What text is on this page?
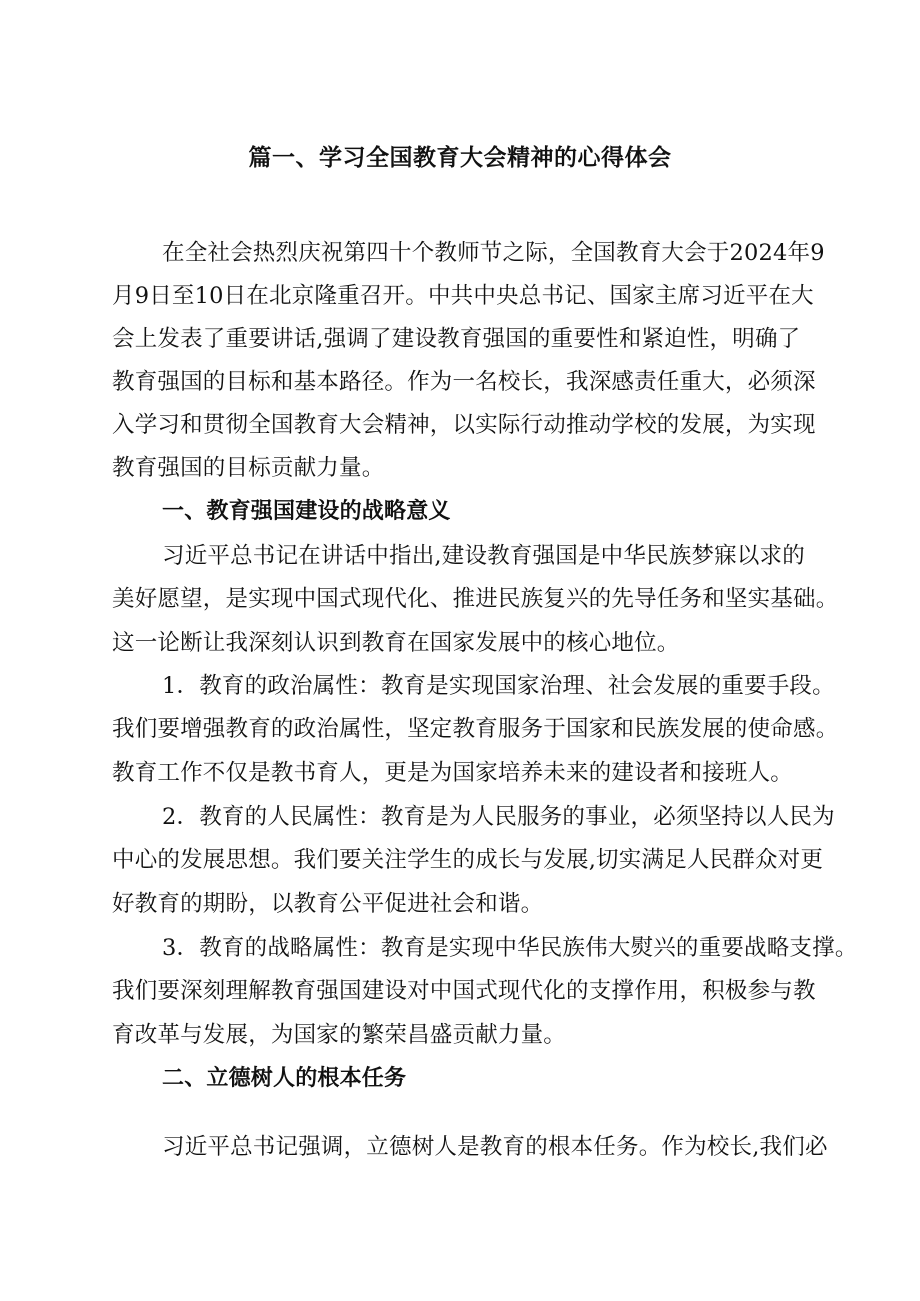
篇一、学习全国教育大会精神的心得体会
在全社会热烈庆祝第四十个教师节之际，全国教育大会于2024年9
月9日至10日在北京隆重召开。中共中央总书记、国家主席习近平在大
会上发表了重要讲话,强调了建设教育强国的重要性和紧迫性，明确了
教育强国的目标和基本路径。作为一名校长，我深感责任重大，必须深
入学习和贯彻全国教育大会精神，以实际行动推动学校的发展，为实现
教育强国的目标贡献力量。
一、教育强国建设的战略意义
习近平总书记在讲话中指出,建设教育强国是中华民族梦寐以求的
美好愿望，是实现中国式现代化、推进民族复兴的先导任务和坚实基础。
这一论断让我深刻认识到教育在国家发展中的核心地位。
1．教育的政治属性：教育是实现国家治理、社会发展的重要手段。
我们要增强教育的政治属性，坚定教育服务于国家和民族发展的使命感。
教育工作不仅是教书育人，更是为国家培养未来的建设者和接班人。
2．教育的人民属性：教育是为人民服务的事业，必须坚持以人民为
中心的发展思想。我们要关注学生的成长与发展,切实满足人民群众对更
好教育的期盼，以教育公平促进社会和谐。
3．教育的战略属性：教育是实现中华民族伟大熨兴的重要战略支撑。
我们要深刻理解教育强国建设对中国式现代化的支撑作用，积极参与教
育改革与发展，为国家的繁荣昌盛贡献力量。
二、立德树人的根本任务
习近平总书记强调，立德树人是教育的根本任务。作为校长,我们必
